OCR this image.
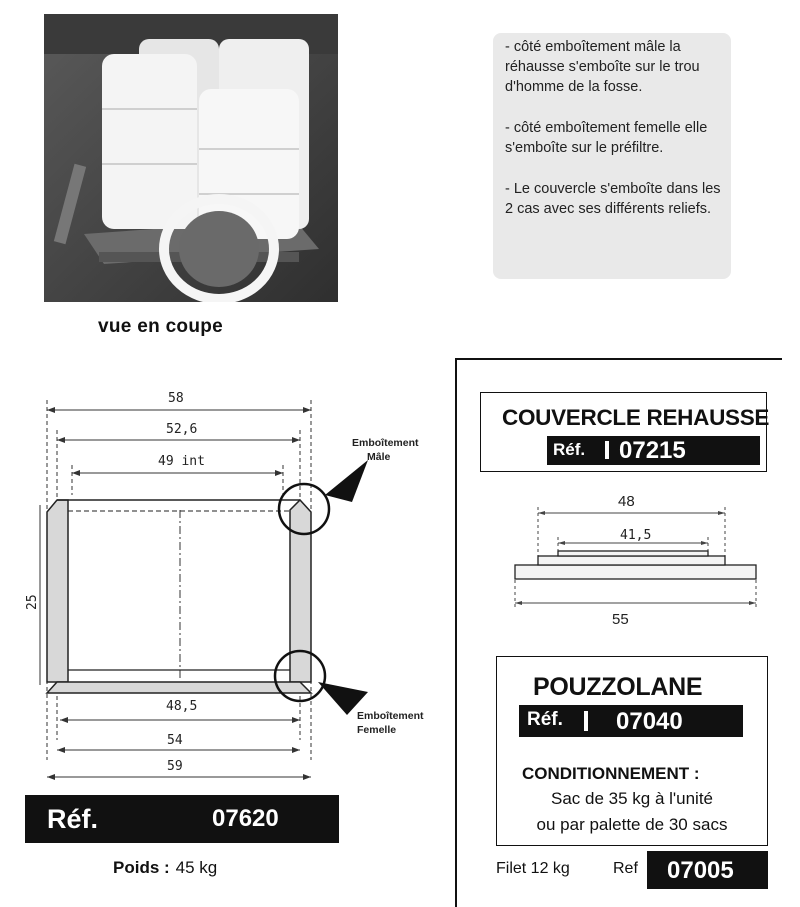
- côté emboîtement mâle la réhausse s'emboîte sur le trou d'homme de la fosse.

- côté emboîtement femelle elle s'emboîte sur le préfiltre.

- Le couvercle s'emboîte dans les 2 cas avec ses différents reliefs.

vue en coupe
58
52,6
49 int
48,5
54
59
25
Emboîtement
Mâle
Emboîtement
Femelle
Réf.	07620
Poids : 45 kg
COUVERCLE REHAUSSE
Réf. 07215
48
41,5
55
POUZZOLANE
Réf. 07040
CONDITIONNEMENT :
Sac de 35 kg à l'unité
ou par palette de 30 sacs
Filet 12 kg	Ref 07005
